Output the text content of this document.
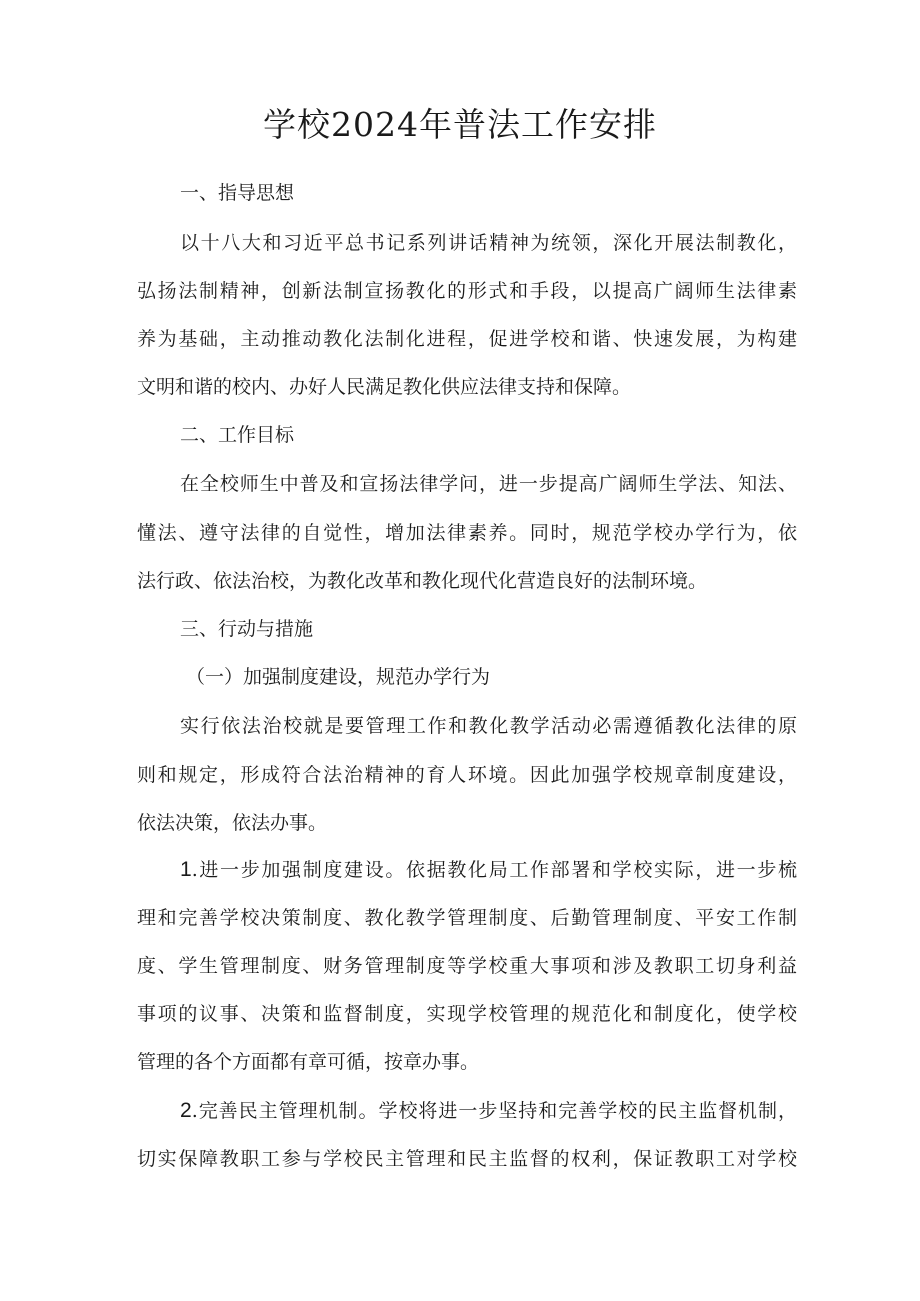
学校2024年普法工作安排
一、指导思想
以十八大和习近平总书记系列讲话精神为统领，深化开展法制教化，
弘扬法制精神，创新法制宣扬教化的形式和手段，以提高广阔师生法律素
养为基础，主动推动教化法制化进程，促进学校和谐、快速发展，为构建
文明和谐的校内、办好人民满足教化供应法律支持和保障。
二、工作目标
在全校师生中普及和宣扬法律学问，进一步提高广阔师生学法、知法、
懂法、遵守法律的自觉性，增加法律素养。同时，规范学校办学行为，依
法行政、依法治校，为教化改革和教化现代化营造良好的法制环境。
三、行动与措施
（一）加强制度建设，规范办学行为
实行依法治校就是要管理工作和教化教学活动必需遵循教化法律的原
则和规定，形成符合法治精神的育人环境。因此加强学校规章制度建设，
依法决策，依法办事。
1.进一步加强制度建设。依据教化局工作部署和学校实际，进一步梳
理和完善学校决策制度、教化教学管理制度、后勤管理制度、平安工作制
度、学生管理制度、财务管理制度等学校重大事项和涉及教职工切身利益
事项的议事、决策和监督制度，实现学校管理的规范化和制度化，使学校
管理的各个方面都有章可循，按章办事。
2.完善民主管理机制。学校将进一步坚持和完善学校的民主监督机制，
切实保障教职工参与学校民主管理和民主监督的权利，保证教职工对学校
